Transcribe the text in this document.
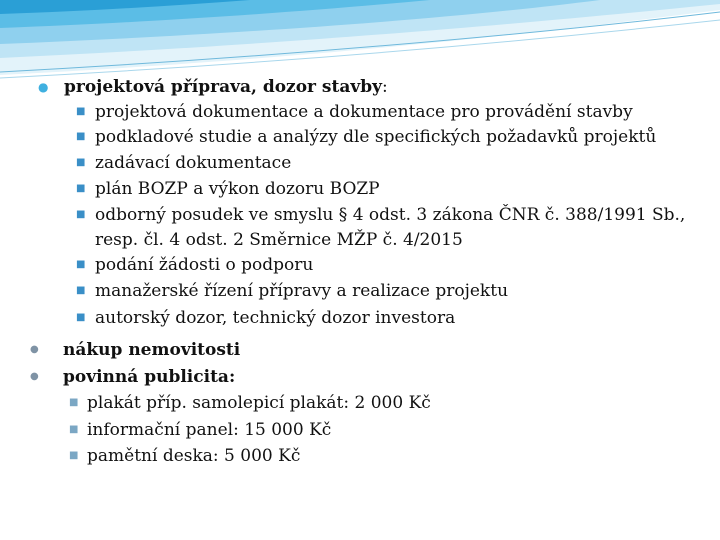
● projektová příprava, dozor stavby:
■ projektová dokumentace a dokumentace pro provádění stavby
■ podkladové studie a analýzy dle specifických požadavků projektů
■ zadávací dokumentace
■ plán BOZP a výkon dozoru BOZP
■ odborný posudek ve smyslu § 4 odst. 3 zákona ČNR č. 388/1991 Sb.,
resp. čl. 4 odst. 2 Směrnice MŽP č. 4/2015
■ podání žádosti o podporu
■ manažerské řízení přípravy a realizace projektu
■ autorský dozor, technický dozor investora
● nákup nemovitosti
● povinná publicita:
■ plakát příp. samolepicí plakát: 2 000 Kč
■ informační panel: 15 000 Kč
■ pamětní deska: 5 000 Kč
